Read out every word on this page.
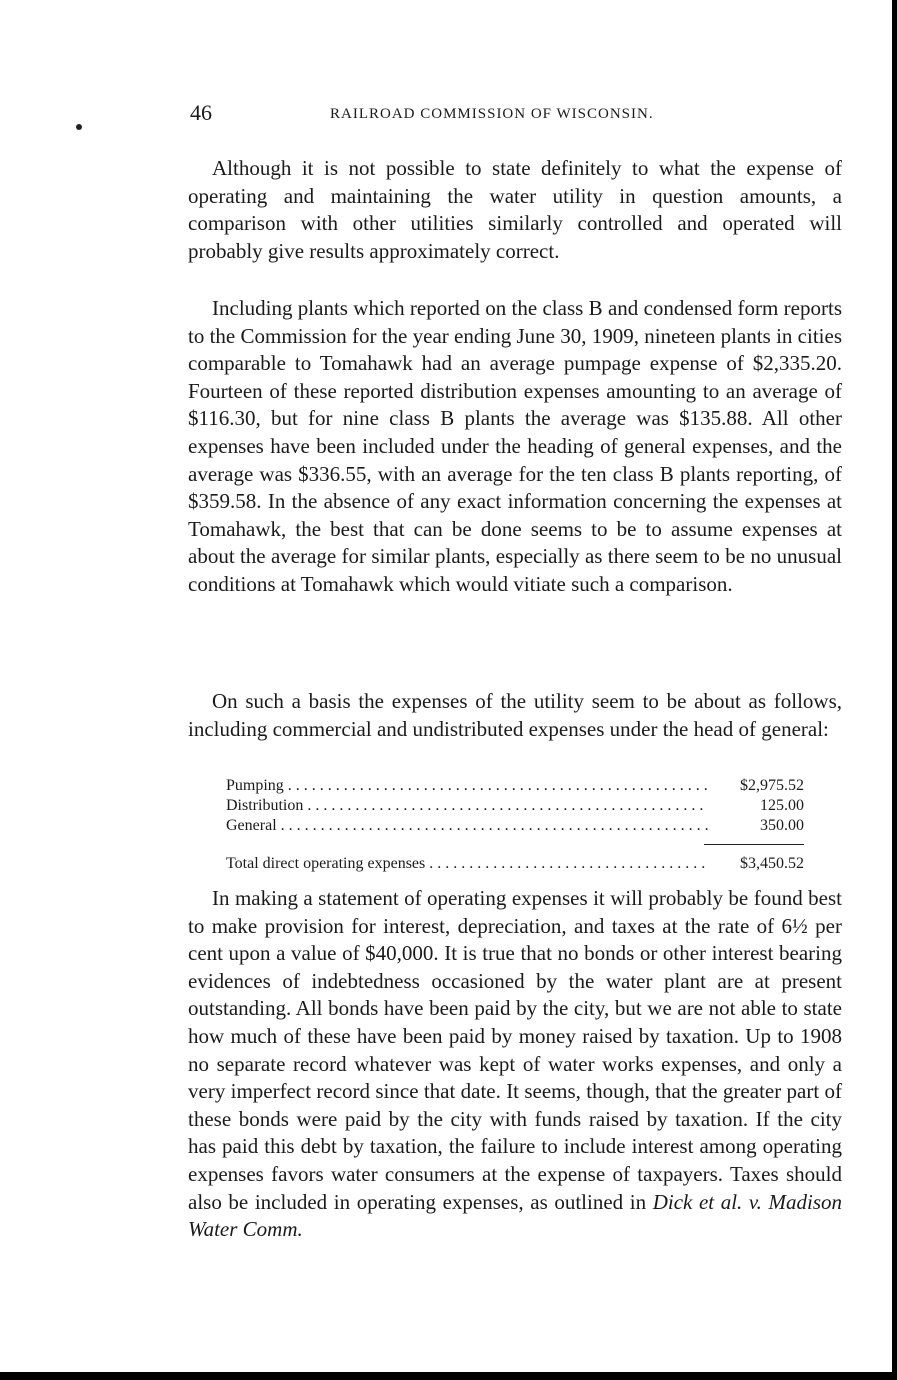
46	RAILROAD COMMISSION OF WISCONSIN.

Although it is not possible to state definitely to what the expense of operating and maintaining the water utility in question amounts, a comparison with other utilities similarly controlled and operated will probably give results approximately correct.

Including plants which reported on the class B and condensed form reports to the Commission for the year ending June 30, 1909, nineteen plants in cities comparable to Tomahawk had an average pumpage expense of $2,335.20. Fourteen of these reported distribution expenses amounting to an average of $116.30, but for nine class B plants the average was $135.88. All other expenses have been included under the heading of general expenses, and the average was $336.55, with an average for the ten class B plants reporting, of $359.58. In the absence of any exact information concerning the expenses at Tomahawk, the best that can be done seems to be to assume expenses at about the average for similar plants, especially as there seem to be no unusual conditions at Tomahawk which would vitiate such a comparison.

On such a basis the expenses of the utility seem to be about as follows, including commercial and undistributed expenses under the head of general:

Pumping . . .	$2,975.52
Distribution . . .	125.00
General . . .	350.00
Total direct operating expenses . . .	$3,450.52

In making a statement of operating expenses it will probably be found best to make provision for interest, depreciation, and taxes at the rate of 6½ per cent upon a value of $40,000. It is true that no bonds or other interest bearing evidences of indebtedness occasioned by the water plant are at present outstanding. All bonds have been paid by the city, but we are not able to state how much of these have been paid by money raised by taxation. Up to 1908 no separate record whatever was kept of water works expenses, and only a very imperfect record since that date. It seems, though, that the greater part of these bonds were paid by the city with funds raised by taxation. If the city has paid this debt by taxation, the failure to include interest among operating expenses favors water consumers at the expense of taxpayers. Taxes should also be included in operating expenses, as outlined in Dick et al. v. Madison Water Comm.
